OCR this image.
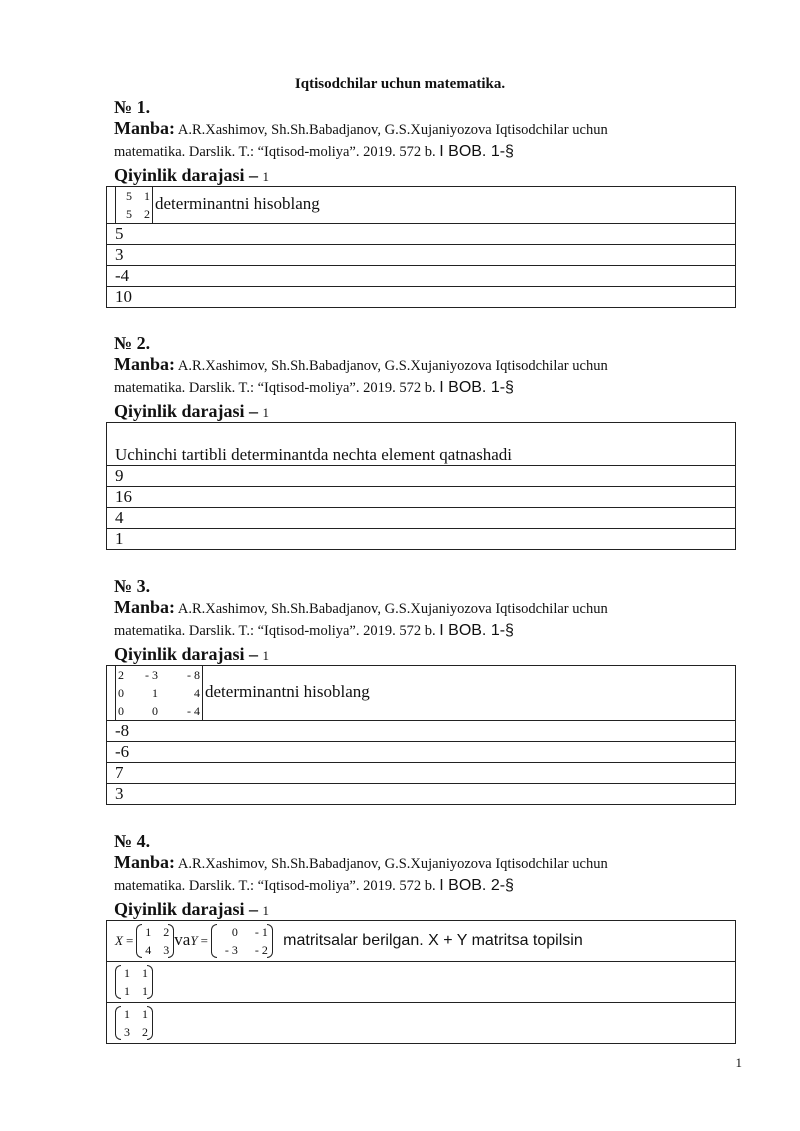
Iqtisodchilar uchun matematika.
№ 1.
Manba: A.R.Xashimov, Sh.Sh.Babadjanov, G.S.Xujaniyozova Iqtisodchilar uchun matematika. Darslik. T.: “Iqtisod-moliya”. 2019. 572 b. I BOB. 1-§
Qiyinlik darajasi – 1
5 1
5 2
determinantni hisoblang
5
3
-4
10
№ 2.
Manba: A.R.Xashimov, Sh.Sh.Babadjanov, G.S.Xujaniyozova Iqtisodchilar uchun matematika. Darslik. T.: “Iqtisod-moliya”. 2019. 572 b. I BOB. 1-§
Qiyinlik darajasi – 1
Uchinchi tartibli determinantda nechta element qatnashadi
9
16
4
1
№ 3.
Manba: A.R.Xashimov, Sh.Sh.Babadjanov, G.S.Xujaniyozova Iqtisodchilar uchun matematika. Darslik. T.: “Iqtisod-moliya”. 2019. 572 b. I BOB. 1-§
Qiyinlik darajasi – 1
2 - 3 - 8
0 1	4
0 0 - 4
determinantni hisoblang
-8
-6
7
3
№ 4.
Manba: A.R.Xashimov, Sh.Sh.Babadjanov, G.S.Xujaniyozova Iqtisodchilar uchun matematika. Darslik. T.: “Iqtisod-moliya”. 2019. 572 b. I BOB. 2-§
Qiyinlik darajasi – 1
X =
1 2
4 3
vaY =
0 - 1
- 3 - 2
matritsalar berilgan. X + Y matritsa topilsin

1 1
1 1

1 1
3 2
1
